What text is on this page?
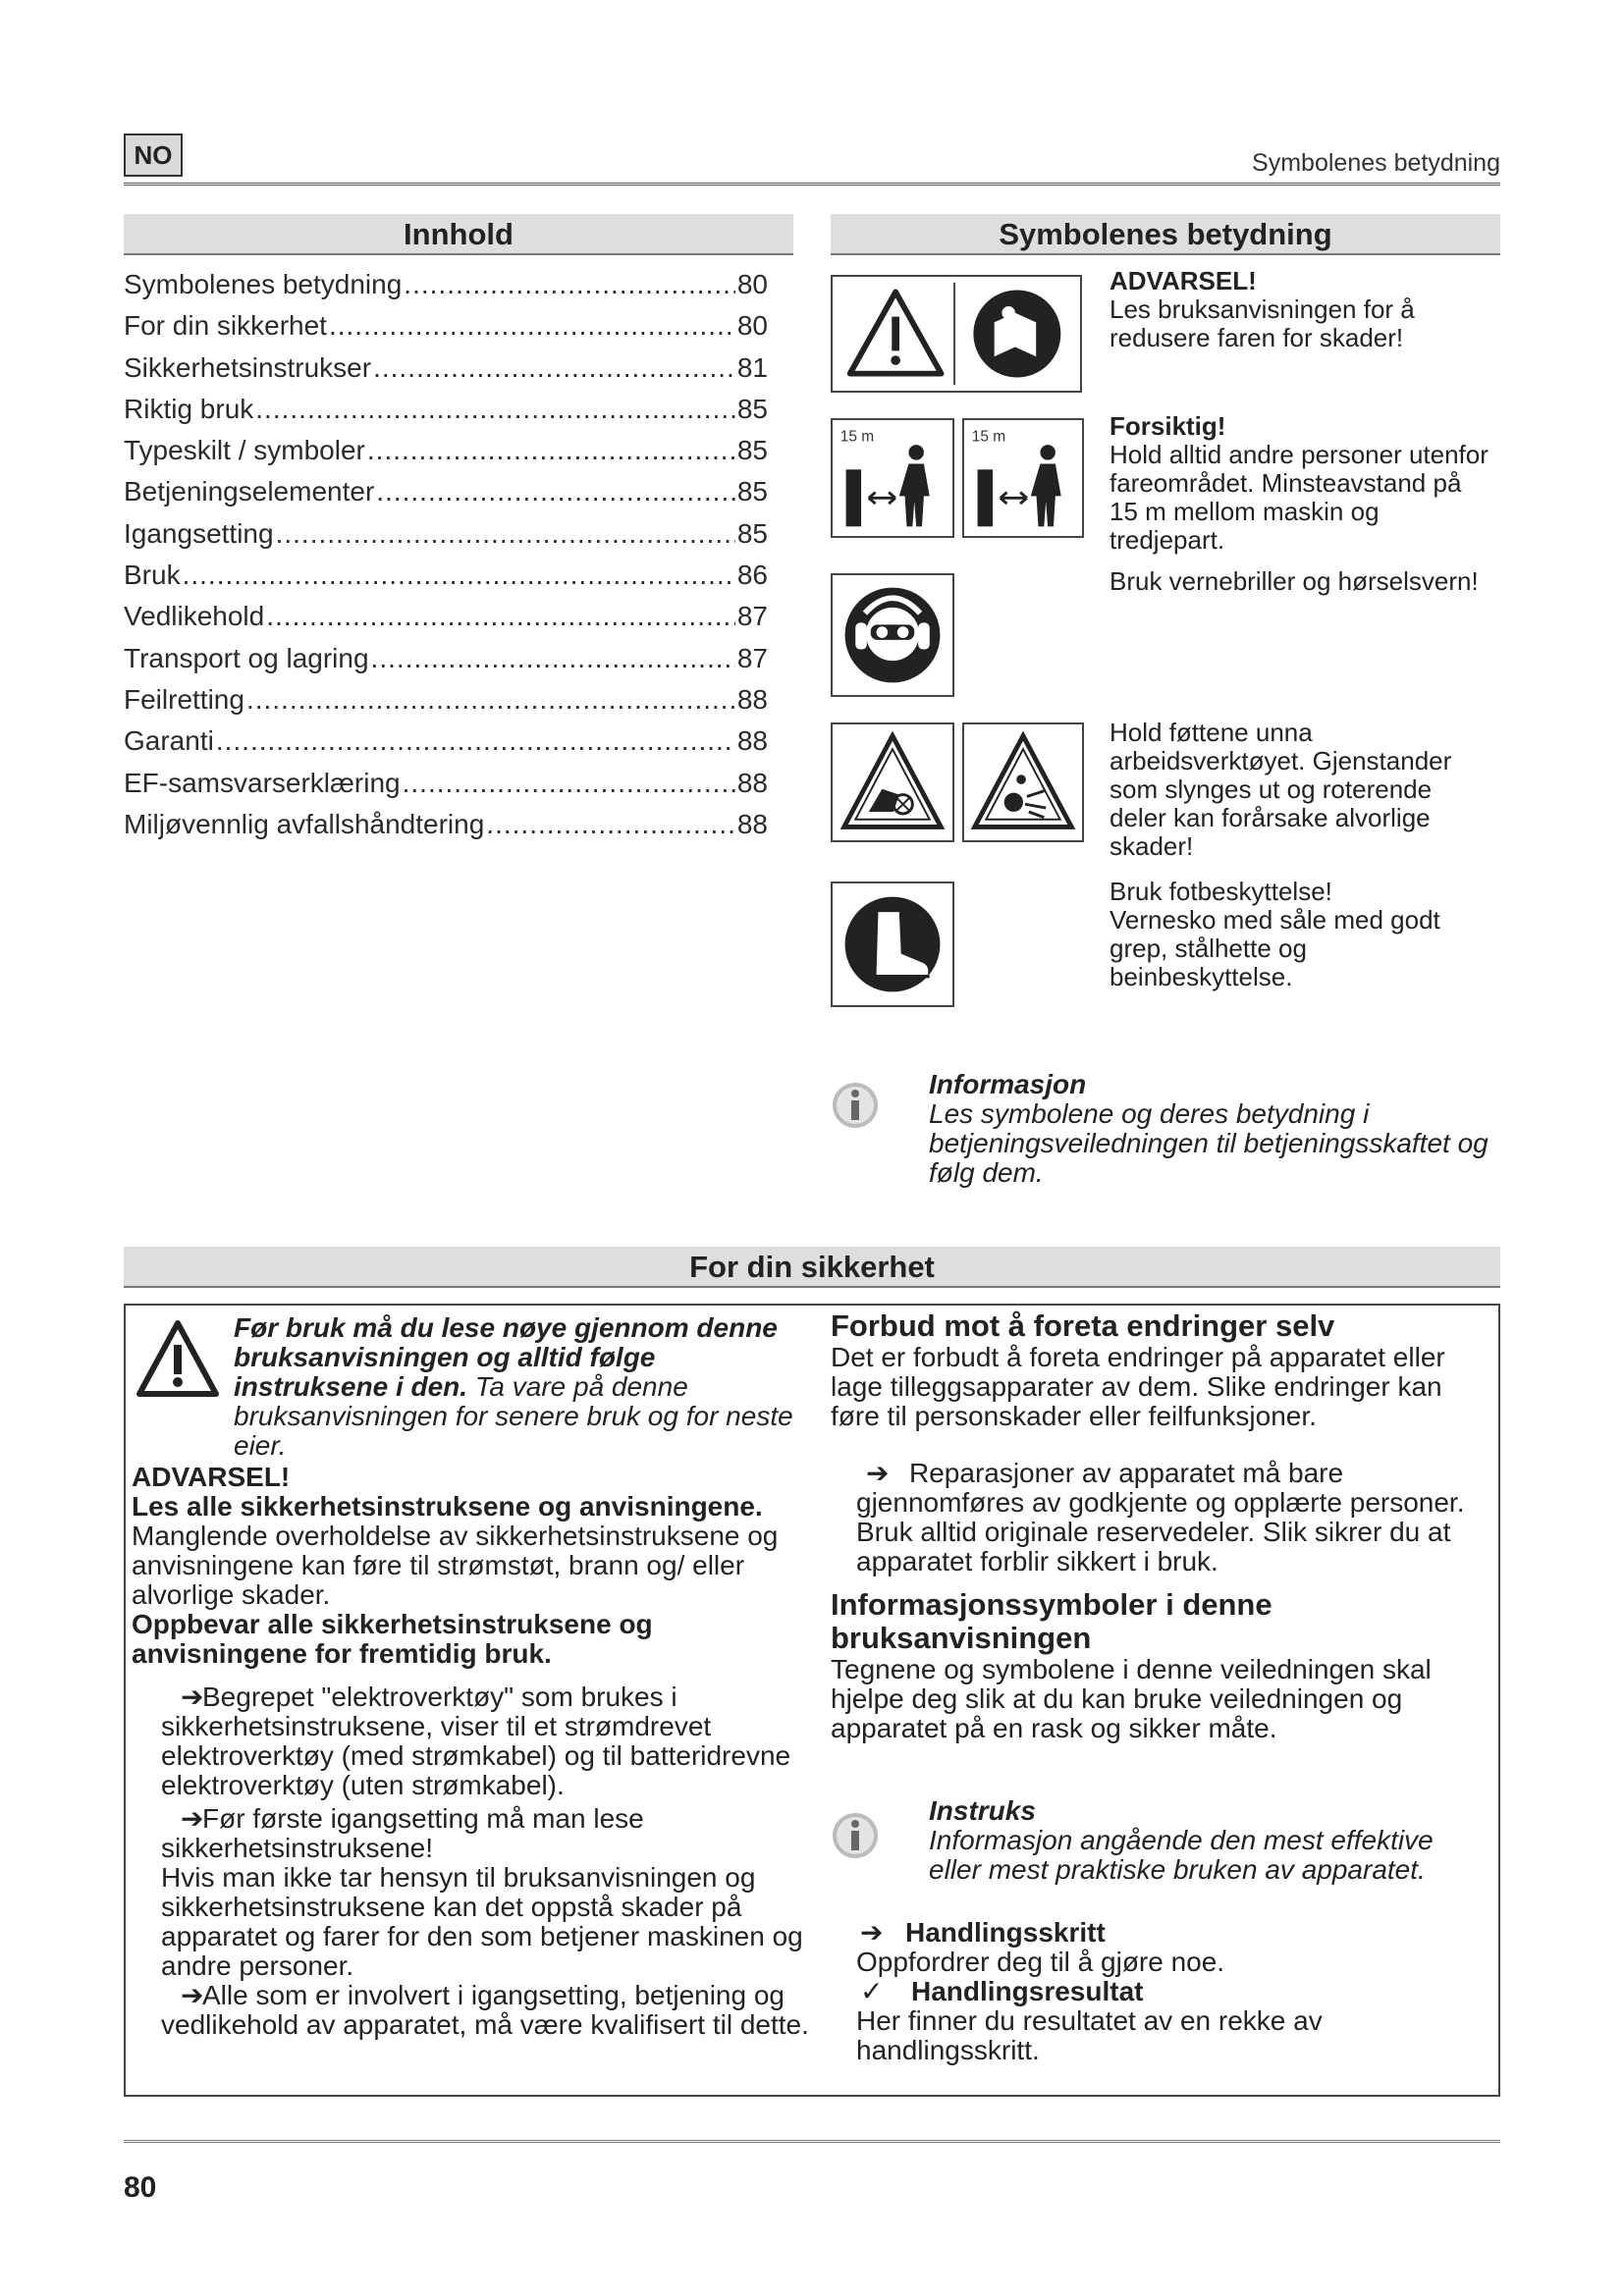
NO	Symbolenes betydning
Innhold
Symbolenes betydning .....	80
For din sikkerhet .....	80
Sikkerhetsinstrukser .....	81
Riktig bruk .....	85
Typeskilt / symboler .....	85
Betjeningselementer .....	85
Igangsetting .....	85
Bruk .....	86
Vedlikehold .....	87
Transport og lagring .....	87
Feilretting .....	88
Garanti .....	88
EF-samsvarserklæring .....	88
Miljøvennlig avfallshåndtering .....	88
Symbolenes betydning
ADVARSEL!
Les bruksanvisningen for å redusere faren for skader!
15 m	15 m	Forsiktig!
Hold alltid andre personer utenfor fareområdet. Minsteavstand på 15 m mellom maskin og tredjepart.
Bruk vernebriller og hørselsvern!
Hold føttene unna arbeidsverktøyet. Gjenstander som slynges ut og roterende deler kan forårsake alvorlige skader!
Bruk fotbeskyttelse!
Vernesko med såle med godt grep, stålhette og beinbeskyttelse.
Informasjon
Les symbolene og deres betydning i betjeningsveiledningen til betjeningsskaftet og følg dem.
For din sikkerhet
Før bruk må du lese nøye gjennom denne bruksanvisningen og alltid følge instruksene i den. Ta vare på denne bruksanvisningen for senere bruk og for neste eier.

ADVARSEL!

Les alle sikkerhetsinstruksene og anvisningene.

Manglende overholdelse av sikkerhetsinstruksene og anvisningene kan føre til strømstøt, brann og/ eller alvorlige skader.

Oppbevar alle sikkerhetsinstruksene og anvisningene for fremtidig bruk.

➔Begrepet "elektroverktøy" som brukes i sikkerhetsinstruksene, viser til et strømdrevet elektroverktøy (med strømkabel) og til batteridrevne elektroverktøy (uten strømkabel).

➔Før første igangsetting må man lese sikkerhetsinstruksene!

Hvis man ikke tar hensyn til bruksanvisningen og sikkerhetsinstruksene kan det oppstå skader på apparatet og farer for den som betjener maskinen og andre personer.

➔Alle som er involvert i igangsetting, betjening og vedlikehold av apparatet, må være kvalifisert til dette.

Forbud mot å foreta endringer selv
Det er forbudt å foreta endringer på apparatet eller lage tilleggsapparater av dem. Slike endringer kan føre til personskader eller feilfunksjoner.
➔ Reparasjoner av apparatet må bare gjennomføres av godkjente og opplærte personer. Bruk alltid originale reservedeler. Slik sikrer du at apparatet forblir sikkert i bruk.
Informasjonssymboler i denne bruksanvisningen
Tegnene og symbolene i denne veiledningen skal hjelpe deg slik at du kan bruke veiledningen og apparatet på en rask og sikker måte.
Instruks
Informasjon angående den mest effektive eller mest praktiske bruken av apparatet.
➔ Handlingsskritt
Oppfordrer deg til å gjøre noe.
✓ Handlingsresultat
Her finner du resultatet av en rekke av handlingsskritt.
80
